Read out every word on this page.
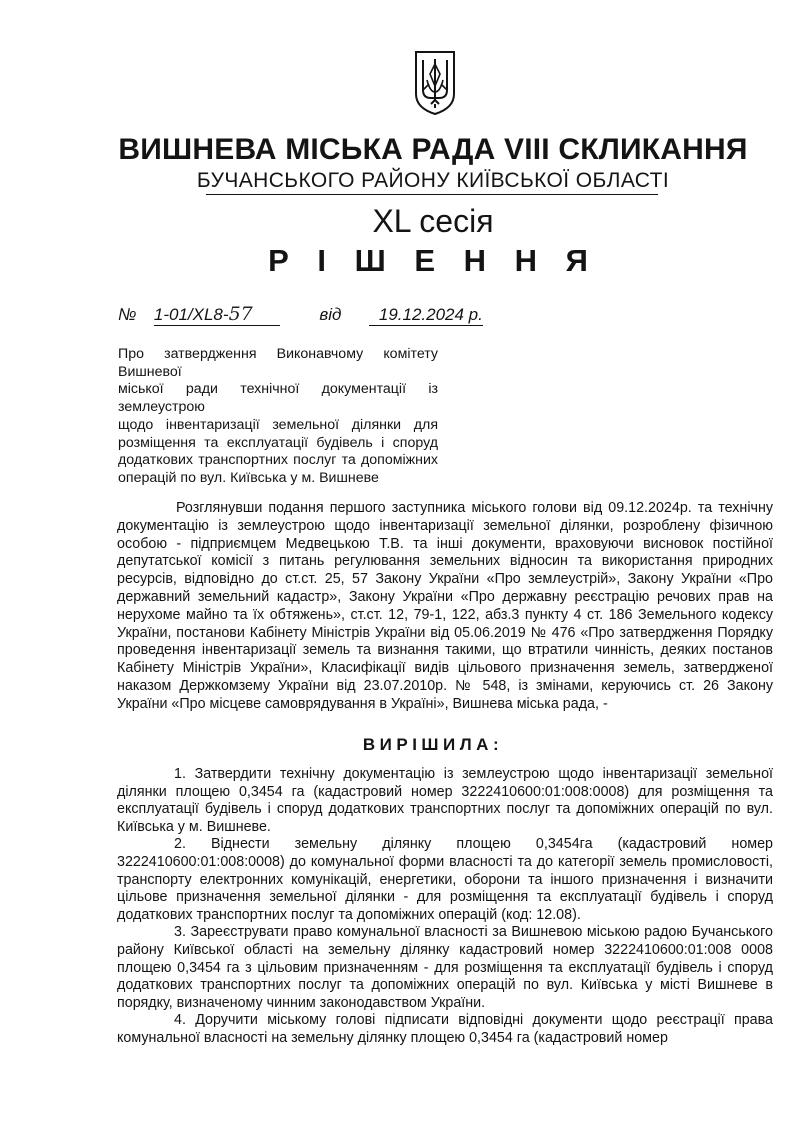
ВИШНЕВА МІСЬКА РАДА VIII СКЛИКАННЯ
БУЧАНСЬКОГО РАЙОНУ КИЇВСЬКОЇ ОБЛАСТІ
XL сесія
Р І Ш Е Н Н Я
№ 1-01/XL8-57	від 19.12.2024 р.

Про затвердження Виконавчому комітету Вишневої

міської ради технічної документації із землеустрою

щодо інвентаризації земельної ділянки для

розміщення та експлуатації будівель і споруд

додаткових транспортних послуг та допоміжних

операцій по вул. Київська у м. Вишневе

Розглянувши подання першого заступника міського голови від 09.12.2024р. та технічну документацію із землеустрою щодо інвентаризації земельної ділянки, розроблену фізичною особою - підприємцем Медвецькою Т.В. та інші документи, враховуючи висновок постійної депутатської комісії з питань регулювання земельних відносин та використання природних ресурсів, відповідно до ст.ст. 25, 57 Закону України «Про землеустрій», Закону України «Про державний земельний кадастр», Закону України «Про державну реєстрацію речових прав на нерухоме майно та їх обтяжень», ст.ст. 12, 79-1, 122, абз.3 пункту 4 ст. 186 Земельного кодексу України, постанови Кабінету Міністрів України від 05.06.2019 № 476 «Про затвердження Порядку проведення інвентаризації земель та визнання такими, що втратили чинність, деяких постанов Кабінету Міністрів України», Класифікації видів цільового призначення земель, затвердженої наказом Держкомзему України від 23.07.2010р. № 548, із змінами, керуючись ст. 26 Закону України «Про місцеве самоврядування в Україні», Вишнева міська рада, -

ВИРІШИЛА:

1. Затвердити технічну документацію із землеустрою щодо інвентаризації земельної ділянки площею 0,3454 га (кадастровий номер 3222410600:01:008:0008) для розміщення та експлуатації будівель і споруд додаткових транспортних послуг та допоміжних операцій по вул. Київська у м. Вишневе.

2. Віднести земельну ділянку площею 0,3454га (кадастровий номер 3222410600:01:008:0008) до комунальної форми власності та до категорії земель промисловості, транспорту електронних комунікацій, енергетики, оборони та іншого призначення і визначити цільове призначення земельної ділянки - для розміщення та експлуатації будівель і споруд додаткових транспортних послуг та допоміжних операцій (код: 12.08).

3. Зареєструвати право комунальної власності за Вишневою міською радою Бучанського району Київської області на земельну ділянку кадастровий номер 3222410600:01:008 0008 площею 0,3454 га з цільовим призначенням - для розміщення та експлуатації будівель і споруд додаткових транспортних послуг та допоміжних операцій по вул. Київська у місті Вишневе в порядку, визначеному чинним законодавством України.

4. Доручити міському голові підписати відповідні документи щодо реєстрації права комунальної власності на земельну ділянку площею 0,3454 га (кадастровий номер
